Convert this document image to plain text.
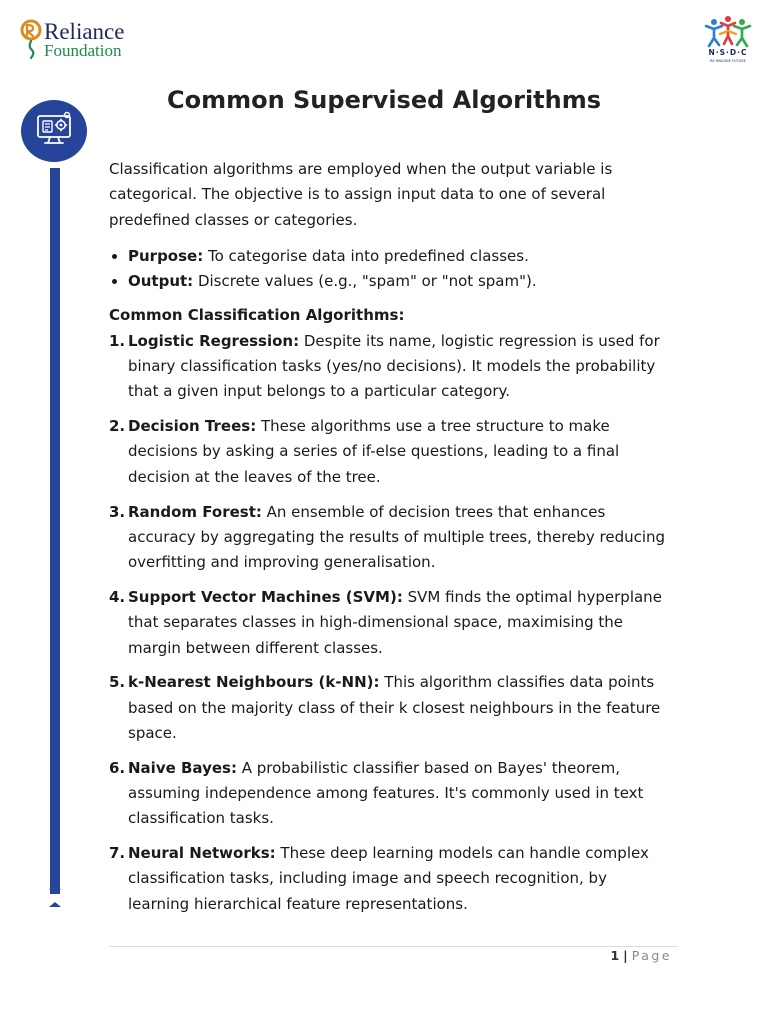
Reliance
Foundation	N·S·D·C
RE·IMAGINE FUTURE
Common Supervised Algorithms

Classification algorithms are employed when the output variable is categorical. The objective is to assign input data to one of several predefined classes or categories.

• Purpose: To categorise data into predefined classes.
• Output: Discrete values (e.g., "spam" or "not spam").
Common Classification Algorithms:
1. Logistic Regression: Despite its name, logistic regression is used for binary classification tasks (yes/no decisions). It models the probability that a given input belongs to a particular category.
2. Decision Trees: These algorithms use a tree structure to make decisions by asking a series of if-else questions, leading to a final decision at the leaves of the tree.
3. Random Forest: An ensemble of decision trees that enhances accuracy by aggregating the results of multiple trees, thereby reducing overfitting and improving generalisation.
4. Support Vector Machines (SVM): SVM finds the optimal hyperplane that separates classes in high-dimensional space, maximising the margin between different classes.
5. k-Nearest Neighbours (k-NN): This algorithm classifies data points based on the majority class of their k closest neighbours in the feature space.
6. Naive Bayes: A probabilistic classifier based on Bayes' theorem, assuming independence among features. It's commonly used in text classification tasks.
7. Neural Networks: These deep learning models can handle complex classification tasks, including image and speech recognition, by learning hierarchical feature representations.
1 | Page
